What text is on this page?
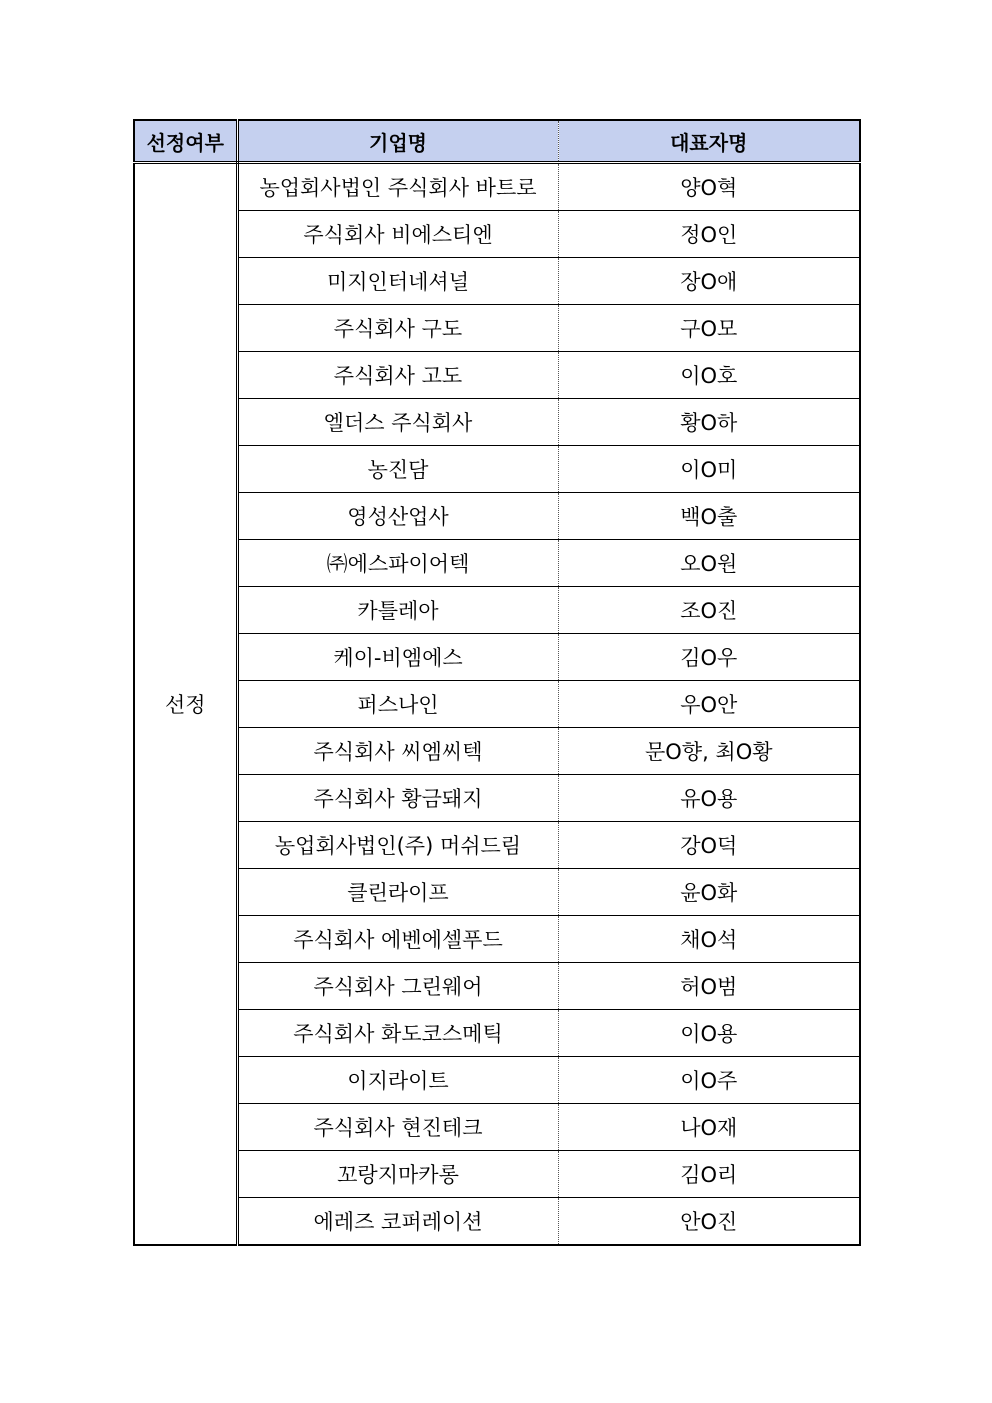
선정여부	기업명	대표자명
선정	농업회사법인 주식회사 바트로	양O혁
	주식회사 비에스티엔	정O인
	미지인터네셔널	장O애
	주식회사 구도	구O모
	주식회사 고도	이O호
	엘더스 주식회사	황O하
	농진담	이O미
	영성산업사	백O출
	㈜에스파이어텍	오O원
	카틀레아	조O진
	케이-비엠에스	김O우
	퍼스나인	우O안
	주식회사 씨엠씨텍	문O향, 최O황
	주식회사 황금돼지	유O용
	농업회사법인(주) 머쉬드림	강O덕
	클린라이프	윤O화
	주식회사 에벤에셀푸드	채O석
	주식회사 그린웨어	허O범
	주식회사 화도코스메틱	이O용
	이지라이트	이O주
	주식회사 현진테크	나O재
	꼬랑지마카롱	김O리
	에레즈 코퍼레이션	안O진
